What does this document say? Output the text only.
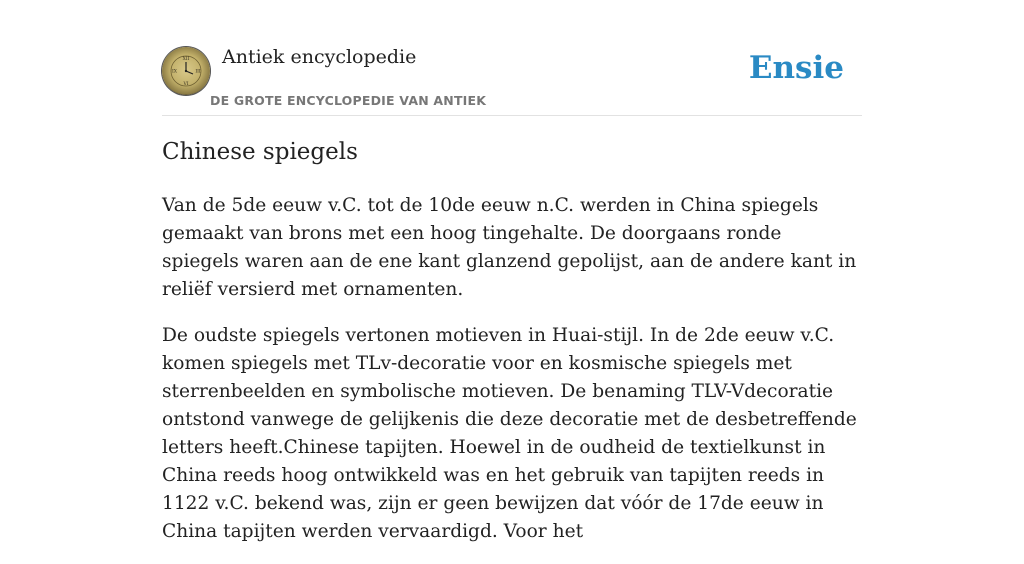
XII
III
VI
IX
Antiek encyclopedie
DE GROTE ENCYCLOPEDIE VAN ANTIEK
Ensie
Chinese spiegels

Van de 5de eeuw v.C. tot de 10de eeuw n.C. werden in China spiegels gemaakt van brons met een hoog tingehalte. De doorgaans ronde spiegels waren aan de ene kant glanzend gepolijst, aan de andere kant in reliëf versierd met ornamenten.

De oudste spiegels vertonen motieven in Huai-stijl. In de 2de eeuw v.C. komen spiegels met TLv-decoratie voor en kosmische spiegels met sterrenbeelden en symbolische motieven. De benaming TLV-Vdecoratie ontstond vanwege de gelijkenis die deze decoratie met de desbetreffende letters heeft.Chinese tapijten. Hoewel in de oudheid de textielkunst in China reeds hoog ontwikkeld was en het gebruik van tapijten reeds in 1122 v.C. bekend was, zijn er geen bewijzen dat vóór de 17de eeuw in China tapijten werden vervaardigd. Voor het
